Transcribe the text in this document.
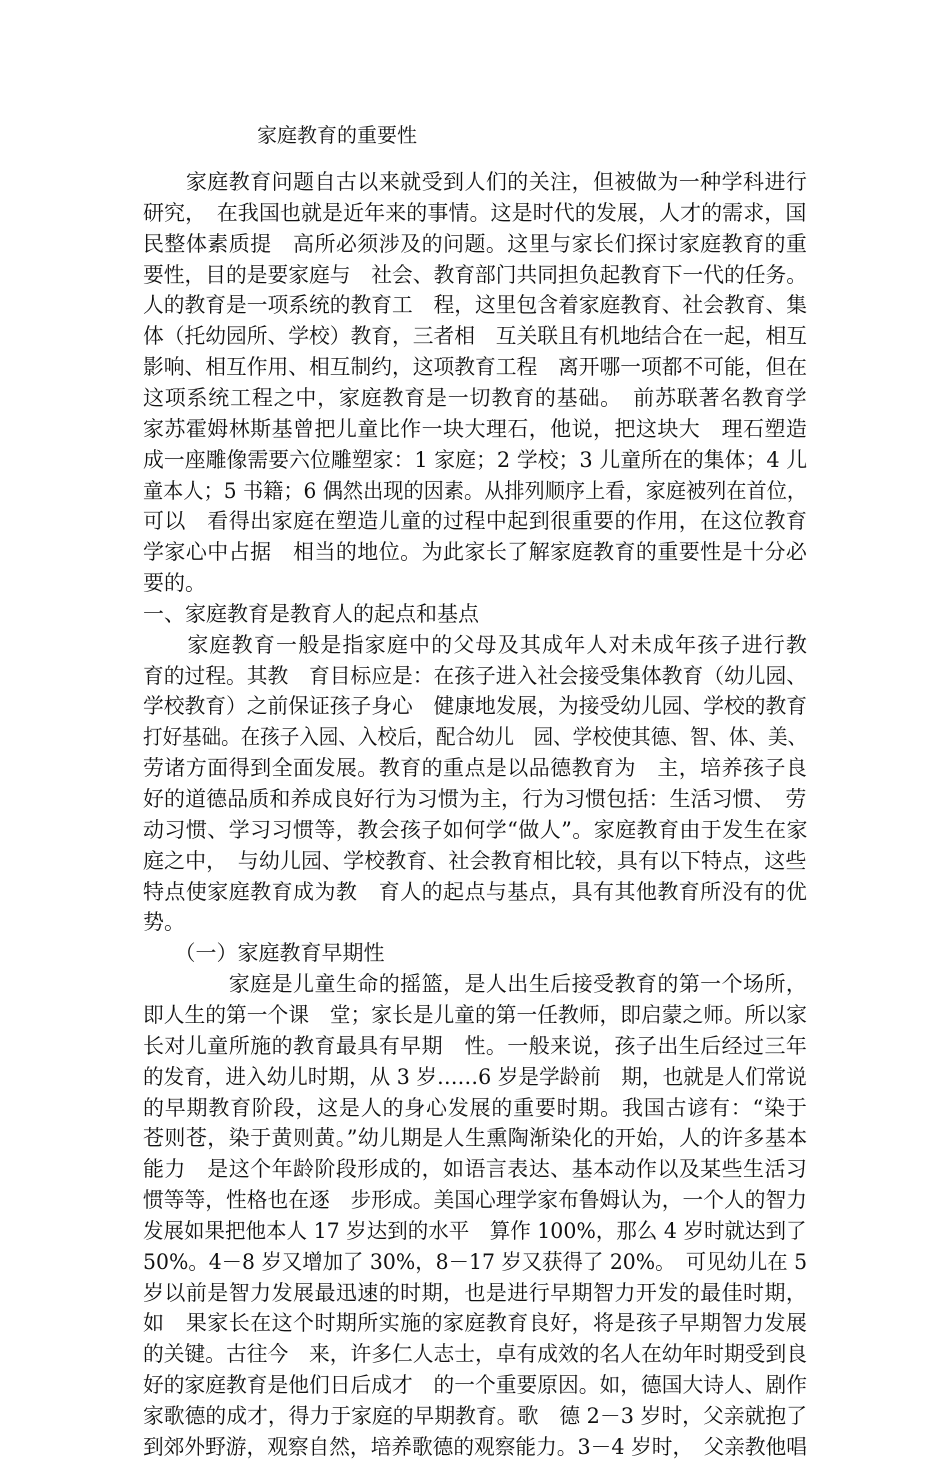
家庭教育的重要性
　　家庭教育问题自古以来就受到人们的关注，但被做为一种学科进行
研究，　在我国也就是近年来的事情。这是时代的发展，人才的需求，国
民整体素质提　高所必须涉及的问题。这里与家长们探讨家庭教育的重
要性，目的是要家庭与　社会、教育部门共同担负起教育下一代的任务。
人的教育是一项系统的教育工　程，这里包含着家庭教育、社会教育、集
体（托幼园所、学校）教育，三者相　互关联且有机地结合在一起，相互
影响、相互作用、相互制约，这项教育工程　离开哪一项都不可能，但在
这项系统工程之中，家庭教育是一切教育的基础。　前苏联著名教育学
家苏霍姆林斯基曾把儿童比作一块大理石，他说，把这块大　理石塑造
成一座雕像需要六位雕塑家：1 家庭；2 学校；3 儿童所在的集体；4 儿
童本人；5 书籍；6 偶然出现的因素。从排列顺序上看，家庭被列在首位，
可以　看得出家庭在塑造儿童的过程中起到很重要的作用，在这位教育
学家心中占据　相当的地位。为此家长了解家庭教育的重要性是十分必
要的。
一、家庭教育是教育人的起点和基点
　　家庭教育一般是指家庭中的父母及其成年人对未成年孩子进行教
育的过程。其教　育目标应是：在孩子进入社会接受集体教育（幼儿园、
学校教育）之前保证孩子身心　健康地发展，为接受幼儿园、学校的教育
打好基础。在孩子入园、入校后，配合幼儿　园、学校使其德、智、体、美、
劳诸方面得到全面发展。教育的重点是以品德教育为　主，培养孩子良
好的道德品质和养成良好行为习惯为主，行为习惯包括：生活习惯、　劳
动习惯、学习习惯等，教会孩子如何学“做人”。家庭教育由于发生在家
庭之中，　与幼儿园、学校教育、社会教育相比较，具有以下特点，这些
特点使家庭教育成为教　育人的起点与基点，具有其他教育所没有的优
势。
　　（一）家庭教育早期性
　　　　家庭是儿童生命的摇篮，是人出生后接受教育的第一个场所，
即人生的第一个课　堂；家长是儿童的第一任教师，即启蒙之师。所以家
长对儿童所施的教育最具有早期　性。一般来说，孩子出生后经过三年
的发育，进入幼儿时期，从 3 岁……6 岁是学龄前　期，也就是人们常说
的早期教育阶段，这是人的身心发展的重要时期。我国古谚有：“染于
苍则苍，染于黄则黄。”幼儿期是人生熏陶渐染化的开始，人的许多基本
能力　是这个年龄阶段形成的，如语言表达、基本动作以及某些生活习
惯等等，性格也在逐　步形成。美国心理学家布鲁姆认为，一个人的智力
发展如果把他本人 17 岁达到的水平　算作 100%，那么 4 岁时就达到了
50%。4－8 岁又增加了 30%，8－17 岁又获得了 20%。　可见幼儿在 5
岁以前是智力发展最迅速的时期，也是进行早期智力开发的最佳时期，
如　果家长在这个时期所实施的家庭教育良好，将是孩子早期智力发展
的关键。古往今　来，许多仁人志士，卓有成效的名人在幼年时期受到良
好的家庭教育是他们日后成才　的一个重要原因。如，德国大诗人、剧作
家歌德的成才，得力于家庭的早期教育。歌　德 2－3 岁时，父亲就抱了
到郊外野游，观察自然，培养歌德的观察能力。3－4 岁时，　父亲教他唱
